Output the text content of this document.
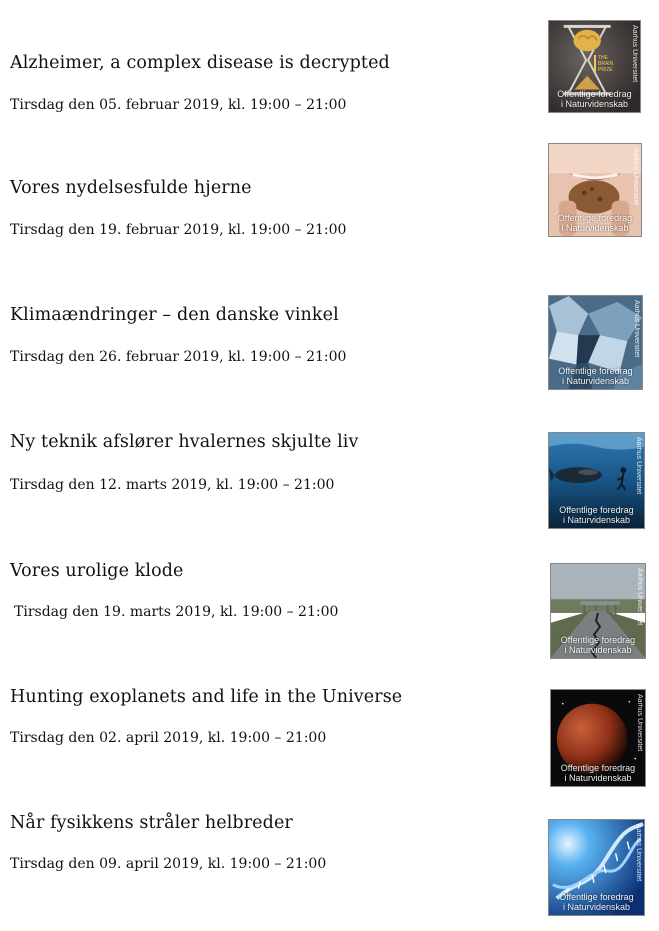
Alzheimer, a complex disease is decrypted
Tirsdag den 05. februar 2019, kl. 19:00 – 21:00
THE BRAIN PRIZE	Aarhus Universitet
Offentlige foredrag
i Naturvidenskab
Vores nydelsesfulde hjerne
Tirsdag den 19. februar 2019, kl. 19:00 – 21:00
Aarhus Universitet
Offentlige foredrag
i Naturvidenskab
Klimaændringer – den danske vinkel
Tirsdag den 26. februar 2019, kl. 19:00 – 21:00	Aarhus Universitet
Offentlige foredrag
i Naturvidenskab
Ny teknik afslører hvalernes skjulte liv
Tirsdag den 12. marts 2019, kl. 19:00 – 21:00	Aarhus Universitet
Offentlige foredrag
i Naturvidenskab
Vores urolige klode
Tirsdag den 19. marts 2019, kl. 19:00 – 21:00	Aarhus Universitet
Offentlige foredrag
i Naturvidenskab
Hunting exoplanets and life in the Universe
Tirsdag den 02. april 2019, kl. 19:00 – 21:00	Aarhus Universitet
Offentlige foredrag
i Naturvidenskab
Når fysikkens stråler helbreder
Tirsdag den 09. april 2019, kl. 19:00 – 21:00	Aarhus Universitet
Offentlige foredrag
i Naturvidenskab
